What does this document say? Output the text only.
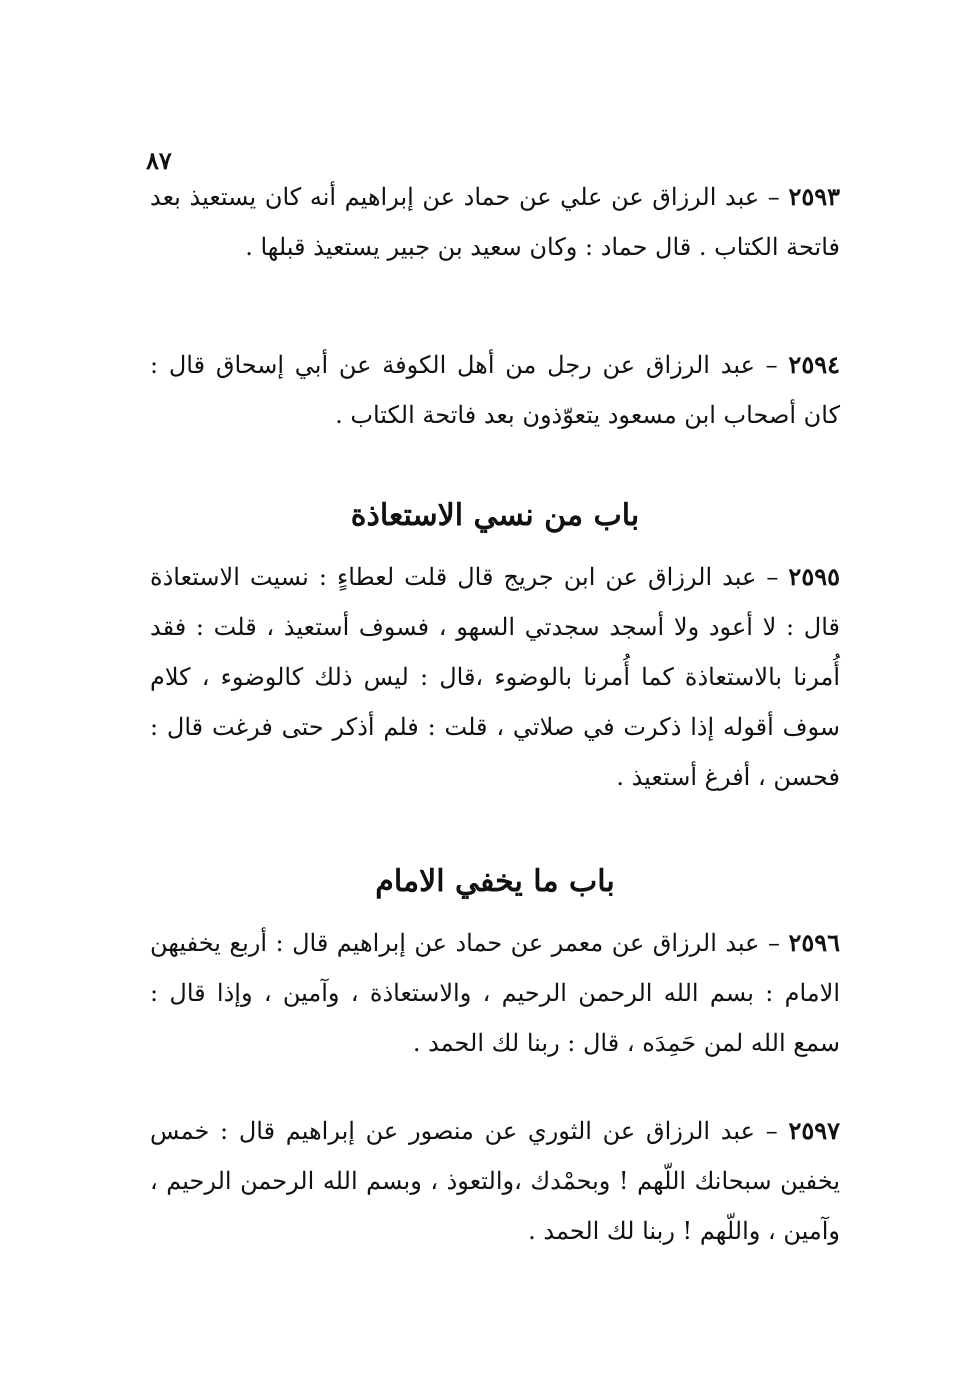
٨٧

٢٥٩٣ – عبد الرزاق عن علي عن حماد عن إبراهيم أنه كان يستعيذ بعد فاتحة الكتاب . قال حماد : وكان سعيد بن جبير يستعيذ قبلها .

٢٥٩٤ – عبد الرزاق عن رجل من أهل الكوفة عن أبي إسحاق قال : كان أصحاب ابن مسعود يتعوّذون بعد فاتحة الكتاب .

باب من نسي الاستعاذة

٢٥٩٥ – عبد الرزاق عن ابن جريج قال قلت لعطاءٍ : نسيت الاستعاذة قال : لا أعود ولا أسجد سجدتي السهو ، فسوف أستعيذ ، قلت : فقد أُمرنا بالاستعاذة كما أُمرنا بالوضوء ،قال : ليس ذلك كالوضوء ، كلام سوف أقوله إذا ذكرت في صلاتي ، قلت : فلم أذكر حتى فرغت قال : فحسن ، أفرغ أستعيذ .

باب ما يخفي الامام

٢٥٩٦ – عبد الرزاق عن معمر عن حماد عن إبراهيم قال : أربع يخفيهن الامام : بسم الله الرحمن الرحيم ، والاستعاذة ، وآمين ، وإذا قال : سمع الله لمن حَمِدَه ، قال : ربنا لك الحمد .

٢٥٩٧ – عبد الرزاق عن الثوري عن منصور عن إبراهيم قال : خمس يخفين سبحانك اللّهم ! وبحمْدك ،والتعوذ ، وبسم الله الرحمن الرحيم ، وآمين ، واللّهم ! ربنا لك الحمد .
